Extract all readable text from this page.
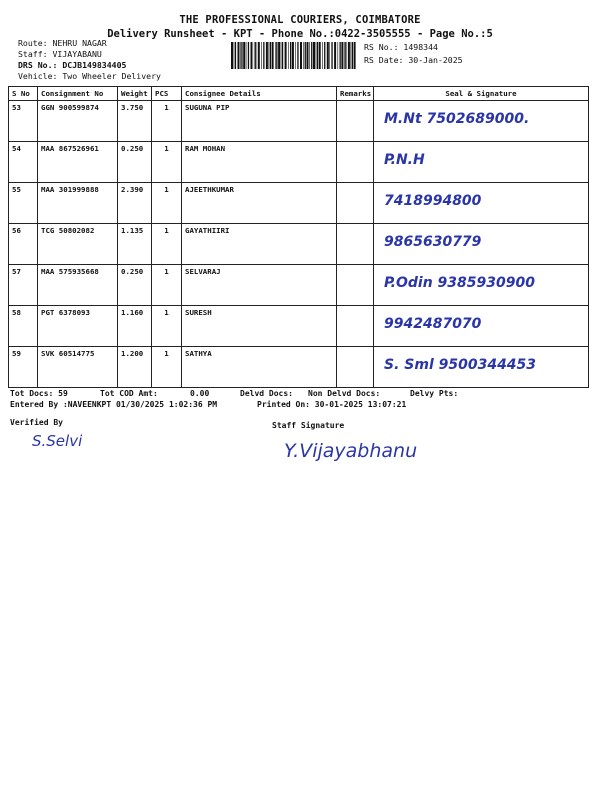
THE PROFESSIONAL COURIERS, COIMBATORE
Delivery Runsheet - KPT - Phone No.:0422-3505555 - Page No.:5
Route: NEHRU NAGAR
Staff: VIJAYABANU
DRS No.: DCJB149834405
Vehicle: Two Wheeler Delivery
RS No.: 1498344
RS Date: 30-Jan-2025
S No	Consignment No	Weight	PCS	Consignee Details	Remarks	Seal & Signature
53	GGN 900599874	3.750	1	SUGUNA PIP		M.Nt 7502689000.

54	MAA 867526961	0.250	1	RAM MOHAN		P.N.H

55	MAA 301999888	2.390	1	AJEETHKUMAR		7418994800

56	TCG 50802082	1.135	1	GAYATHIIRI		9865630779

57	MAA 575935668	0.250	1	SELVARAJ		P.Odin 9385930900

58	PGT 6378093	1.160	1	SURESH		9942487070

59	SVK 60514775	1.200	1	SATHYA		S. Sml 9500344453
Tot Docs: 59	Tot COD Amt:	0.00	Delvd Docs: Non Delvd Docs:	Delvy Pts:
Entered By :NAVEENKPT 01/30/2025 1:02:36 PM	Printed On: 30-01-2025 13:07:21
Verified By	Staff Signature
S.Selvi	Y.Vijayabhanu
